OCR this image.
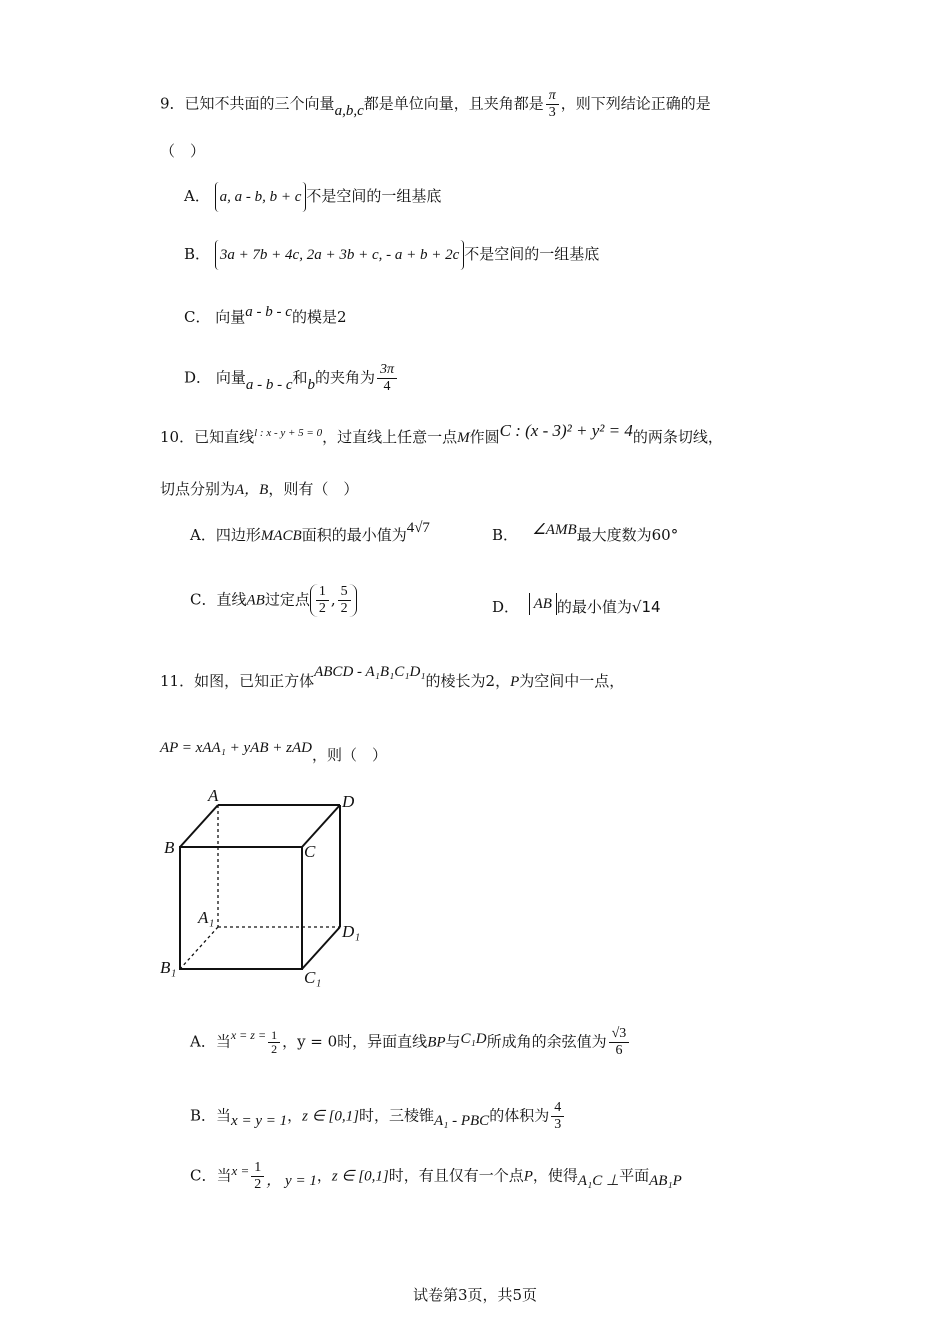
9．已知不共面的三个向量a,b,c都是单位向量，且夹角都是 $\frac{\pi}{3}$ ，则下列结论正确的是
（　）
A． a, a - b, b + c 不是空间的一组基底
B． 3a + 7b + 4c, 2a + 3b + c, - a + b + 2c 不是空间的一组基底
C． 向量a - b - c的模是2
D． 向量a - b - c和b的夹角为 $\frac{3\pi}{4}$
10．已知直线$^{l : x - y + 5 = 0}$，过直线上任意一点M作圆C : (x - 3)² + y² = 4的两条切线，
切点分别为A，B，则有（　）
A．四边形MACB面积的最小值为4√7	B． ∠AMB最大度数为60°
C．直线AB过定点 $\frac{1}{2}$ , $\frac{5}{2}$	D． AB 的最小值为√14
11．如图，已知正方体ABCD - A₁B₁C₁D₁的棱长为2，P为空间中一点，
AP = xAA₁ + yAB + zAD，则（　）
A	D
B	C
A₁
D₁
B₁
C₁
A．当$^{x = z =} \frac{1}{2}$ ，y = 0时，异面直线BP与C₁D所成角的余弦值为 $\frac{√3}{6}$
B．当x = y = 1，z ∈ [0,1]时，三棱锥A₁ - PBC的体积为 $\frac{4}{3}$
C．当$x = \frac{1}{2}$ ， y = 1，z ∈ [0,1]时，有且仅有一个点P，使得A₁C ⊥平面AB₁P
试卷第3页，共5页
